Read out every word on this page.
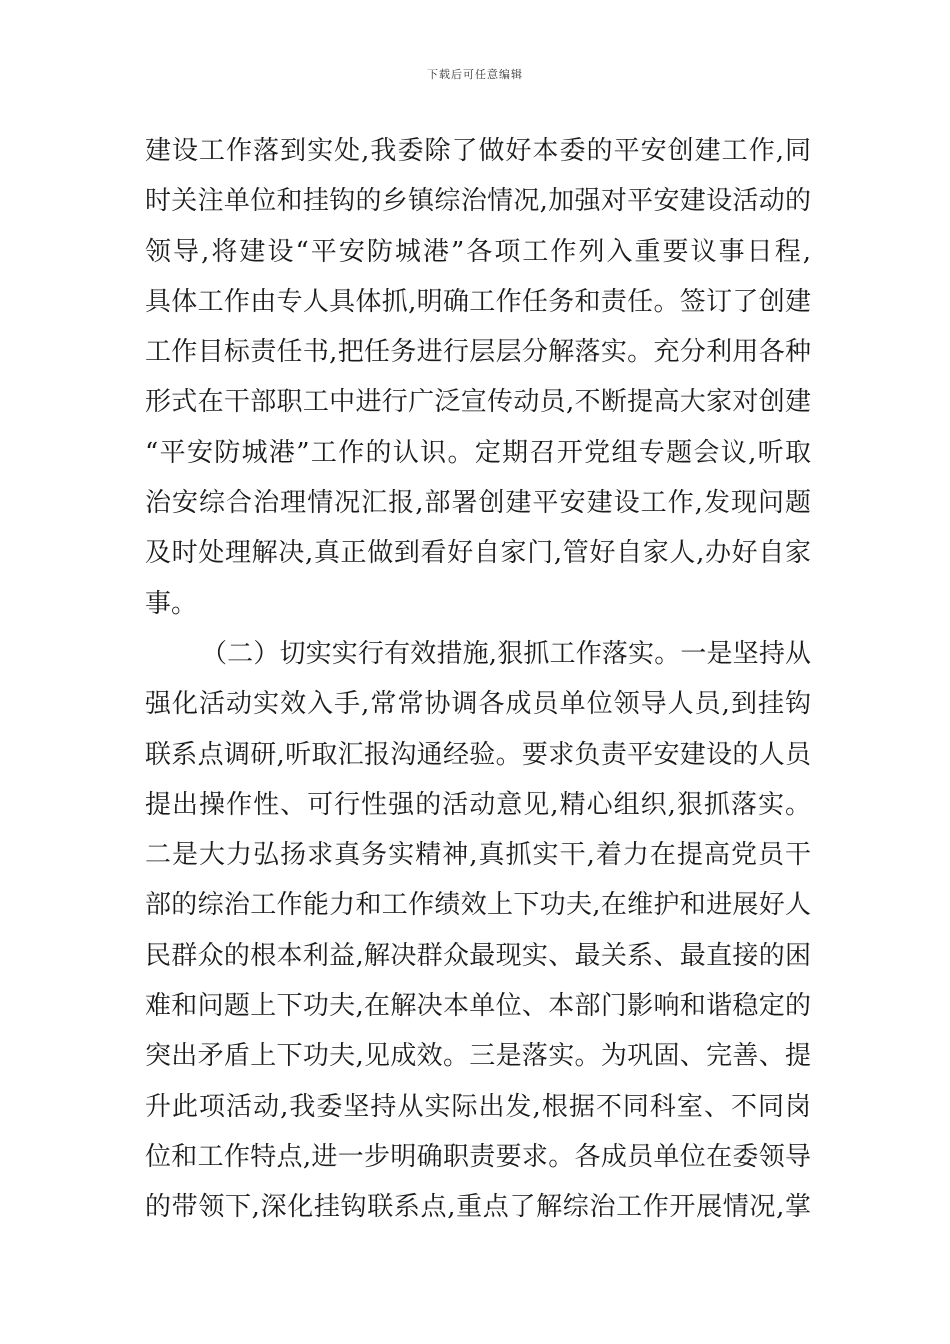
下载后可任意编辑
建设工作落到实处,我委除了做好本委的平安创建工作,同
时关注单位和挂钩的乡镇综治情况,加强对平安建设活动的
领导,将建设“平安防城港”各项工作列入重要议事日程,
具体工作由专人具体抓,明确工作任务和责任。签订了创建
工作目标责任书,把任务进行层层分解落实。充分利用各种
形式在干部职工中进行广泛宣传动员,不断提高大家对创建
“平安防城港”工作的认识。定期召开党组专题会议,听取
治安综合治理情况汇报,部署创建平安建设工作,发现问题
及时处理解决,真正做到看好自家门,管好自家人,办好自家
事。
（二）切实实行有效措施,狠抓工作落实。一是坚持从
强化活动实效入手,常常协调各成员单位领导人员,到挂钩
联系点调研,听取汇报沟通经验。要求负责平安建设的人员
提出操作性、可行性强的活动意见,精心组织,狠抓落实。
二是大力弘扬求真务实精神,真抓实干,着力在提高党员干
部的综治工作能力和工作绩效上下功夫,在维护和进展好人
民群众的根本利益,解决群众最现实、最关系、最直接的困
难和问题上下功夫,在解决本单位、本部门影响和谐稳定的
突出矛盾上下功夫,见成效。三是落实。为巩固、完善、提
升此项活动,我委坚持从实际出发,根据不同科室、不同岗
位和工作特点,进一步明确职责要求。各成员单位在委领导
的带领下,深化挂钩联系点,重点了解综治工作开展情况,掌
